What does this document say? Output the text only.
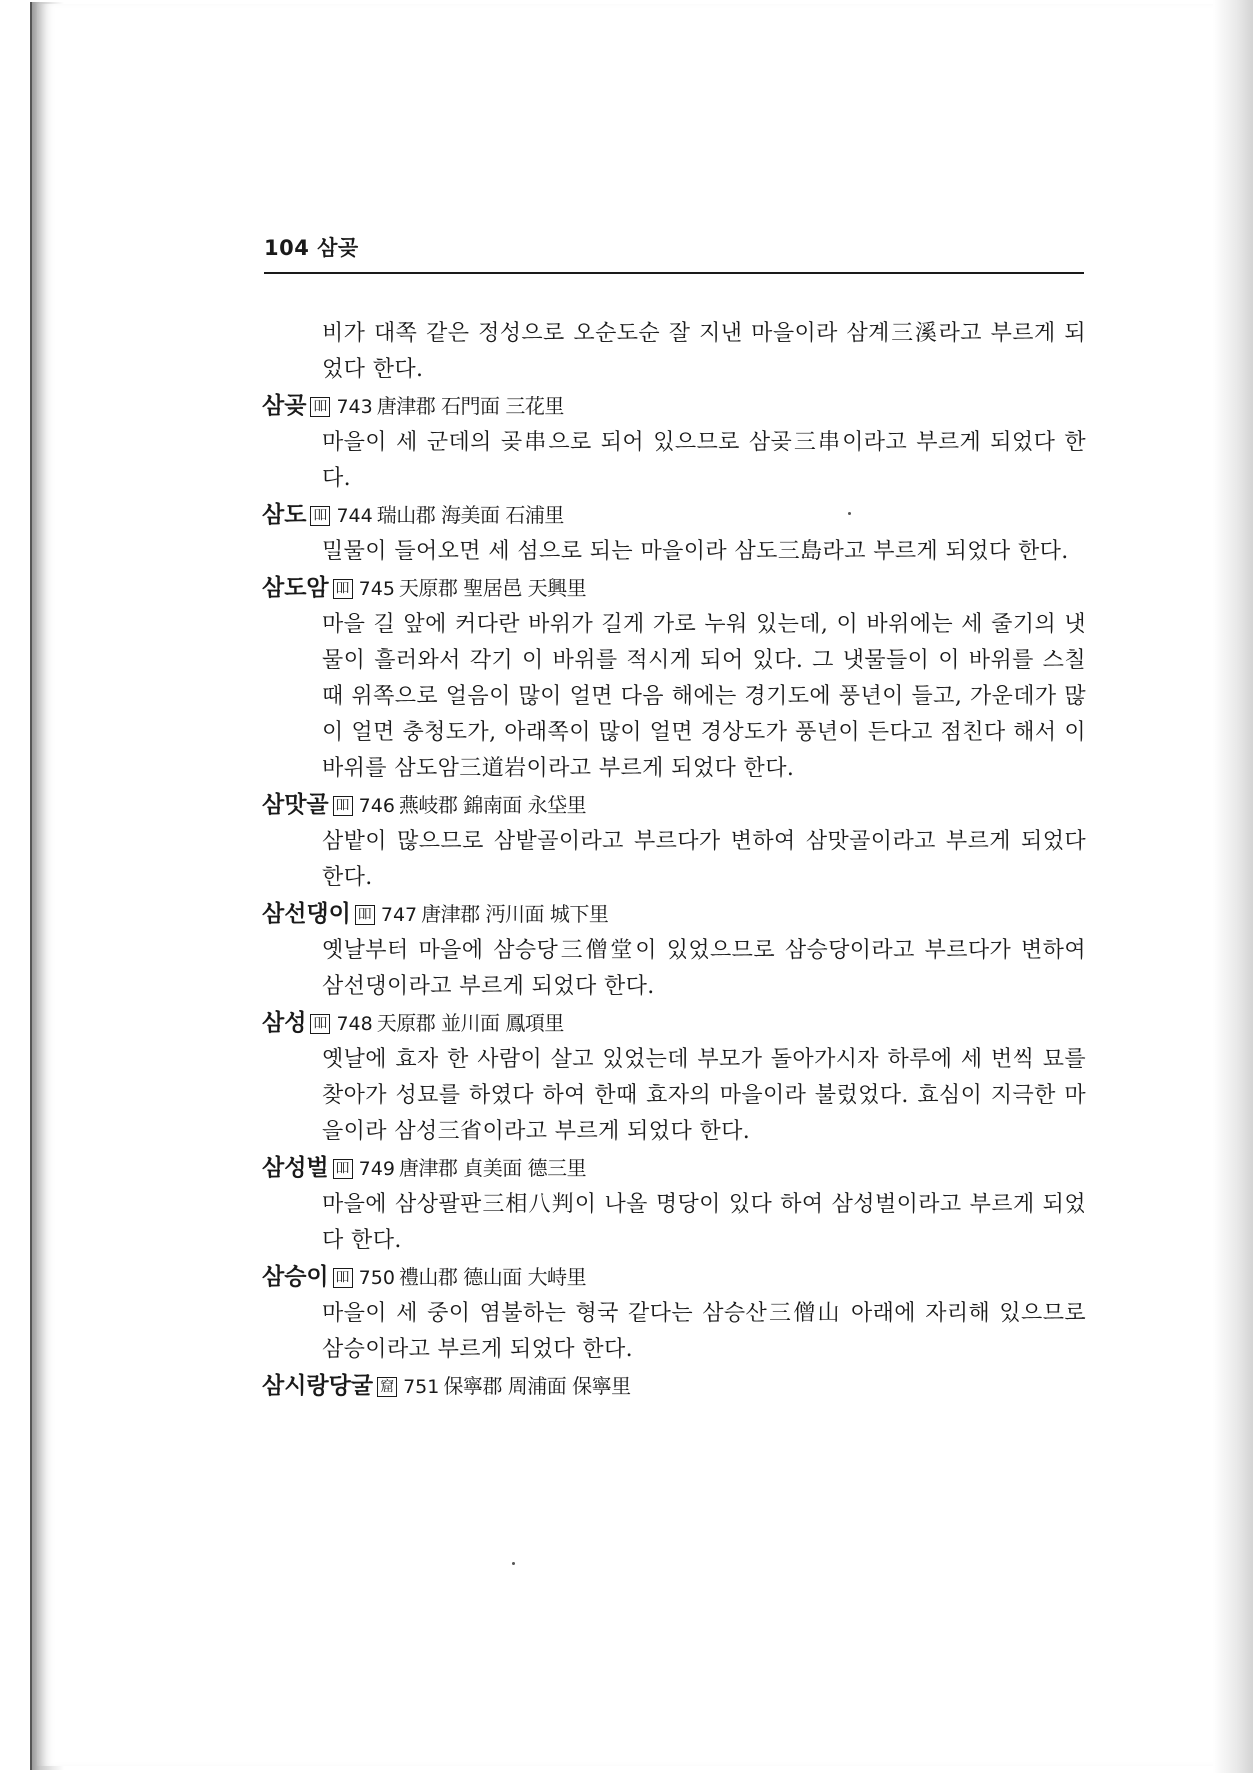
104 삼곶
비가 대쪽 같은 정성으로 오순도순 잘 지낸 마을이라 삼계三溪라고 부르게 되었다 한다.
삼곶 吅 743 唐津郡 石門面 三花里
마을이 세 군데의 곶串으로 되어 있으므로 삼곶三串이라고 부르게 되었다 한다.
삼도 吅 744 瑞山郡 海美面 石浦里
밀물이 들어오면 세 섬으로 되는 마을이라 삼도三島라고 부르게 되었다 한다.
삼도암 吅 745 天原郡 聖居邑 天興里
마을 길 앞에 커다란 바위가 길게 가로 누워 있는데, 이 바위에는 세 줄기의 냇물이 흘러와서 각기 이 바위를 적시게 되어 있다. 그 냇물들이 이 바위를 스칠 때 위쪽으로 얼음이 많이 얼면 다음 해에는 경기도에 풍년이 들고, 가운데가 많이 얼면 충청도가, 아래쪽이 많이 얼면 경상도가 풍년이 든다고 점친다 해서 이 바위를 삼도암三道岩이라고 부르게 되었다 한다.
삼맛골 吅 746 燕岐郡 錦南面 永垈里
삼밭이 많으므로 삼밭골이라고 부르다가 변하여 삼맛골이라고 부르게 되었다 한다.
삼선댕이 吅 747 唐津郡 沔川面 城下里
옛날부터 마을에 삼승당三僧堂이 있었으므로 삼승당이라고 부르다가 변하여 삼선댕이라고 부르게 되었다 한다.
삼성 吅 748 天原郡 並川面 鳳項里
옛날에 효자 한 사람이 살고 있었는데 부모가 돌아가시자 하루에 세 번씩 묘를 찾아가 성묘를 하였다 하여 한때 효자의 마을이라 불렀었다. 효심이 지극한 마을이라 삼성三省이라고 부르게 되었다 한다.
삼성벌 吅 749 唐津郡 貞美面 德三里
마을에 삼상팔판三相八判이 나올 명당이 있다 하여 삼성벌이라고 부르게 되었다 한다.
삼승이 吅 750 禮山郡 德山面 大峙里
마을이 세 중이 염불하는 형국 같다는 삼승산三僧山 아래에 자리해 있으므로 삼승이라고 부르게 되었다 한다.
삼시랑당굴 窟 751 保寧郡 周浦面 保寧里
